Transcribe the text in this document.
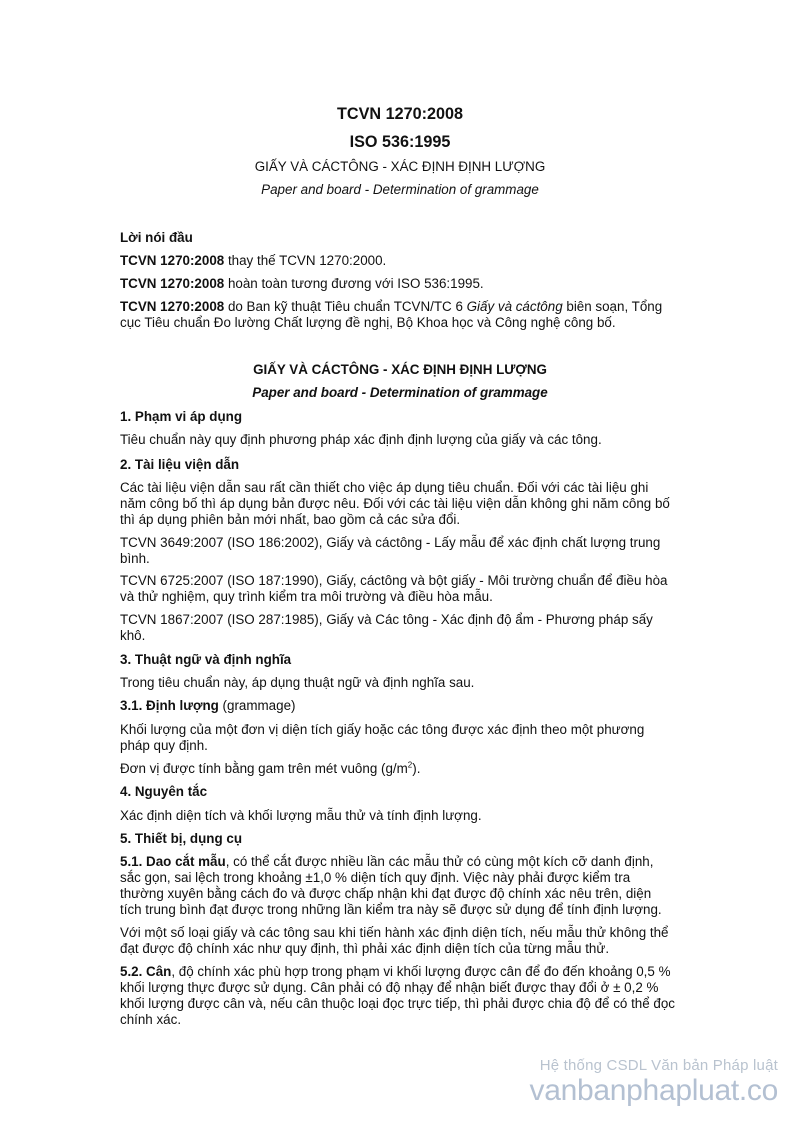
TCVN 1270:2008
ISO 536:1995
GIẤY VÀ CÁCTÔNG - XÁC ĐỊNH ĐỊNH LƯỢNG
Paper and board - Determination of grammage

Lời nói đầu

TCVN 1270:2008 thay thế TCVN 1270:2000.

TCVN 1270:2008 hoàn toàn tương đương với ISO 536:1995.

TCVN 1270:2008 do Ban kỹ thuật Tiêu chuẩn TCVN/TC 6 Giấy và cáctông biên soạn, Tổng

cục Tiêu chuẩn Đo lường Chất lượng đề nghị, Bộ Khoa học và Công nghệ công bố.

GIẤY VÀ CÁCTÔNG - XÁC ĐỊNH ĐỊNH LƯỢNG

Paper and board - Determination of grammage

1. Phạm vi áp dụng

Tiêu chuẩn này quy định phương pháp xác định định lượng của giấy và các tông.

2. Tài liệu viện dẫn

Các tài liệu viện dẫn sau rất cần thiết cho việc áp dụng tiêu chuẩn. Đối với các tài liệu ghi

năm công bố thì áp dụng bản được nêu. Đối với các tài liệu viện dẫn không ghi năm công bố

thì áp dụng phiên bản mới nhất, bao gồm cả các sửa đổi.

TCVN 3649:2007 (ISO 186:2002), Giấy và cáctông - Lấy mẫu để xác định chất lượng trung

bình.

TCVN 6725:2007 (ISO 187:1990), Giấy, cáctông và bột giấy - Môi trường chuẩn để điều hòa

và thử nghiệm, quy trình kiểm tra môi trường và điều hòa mẫu.

TCVN 1867:2007 (ISO 287:1985), Giấy và Các tông - Xác định độ ẩm - Phương pháp sấy

khô.

3. Thuật ngữ và định nghĩa

Trong tiêu chuẩn này, áp dụng thuật ngữ và định nghĩa sau.

3.1. Định lượng (grammage)

Khối lượng của một đơn vị diện tích giấy hoặc các tông được xác định theo một phương

pháp quy định.

Đơn vị được tính bằng gam trên mét vuông $(g/m^2)$.

4. Nguyên tắc

Xác định diện tích và khối lượng mẫu thử và tính định lượng.

5. Thiết bị, dụng cụ

5.1. Dao cắt mẫu, có thể cắt được nhiều lần các mẫu thử có cùng một kích cỡ danh định,

sắc gọn, sai lệch trong khoảng ±1,0 % diện tích quy định. Việc này phải được kiểm tra

thường xuyên bằng cách đo và được chấp nhận khi đạt được độ chính xác nêu trên, diện

tích trung bình đạt được trong những lần kiểm tra này sẽ được sử dụng để tính định lượng.

Với một số loại giấy và các tông sau khi tiến hành xác định diện tích, nếu mẫu thử không thể

đạt được độ chính xác như quy định, thì phải xác định diện tích của từng mẫu thử.

5.2. Cân, độ chính xác phù hợp trong phạm vi khối lượng được cân để đo đến khoảng 0,5 %

khối lượng thực được sử dụng. Cân phải có độ nhạy để nhận biết được thay đổi ở ± 0,2 %

khối lượng được cân và, nếu cân thuộc loại đọc trực tiếp, thì phải được chia độ để có thể đọc

chính xác.

Hệ thống CSDL Văn bản Pháp luật
vanbanphapluat.co
